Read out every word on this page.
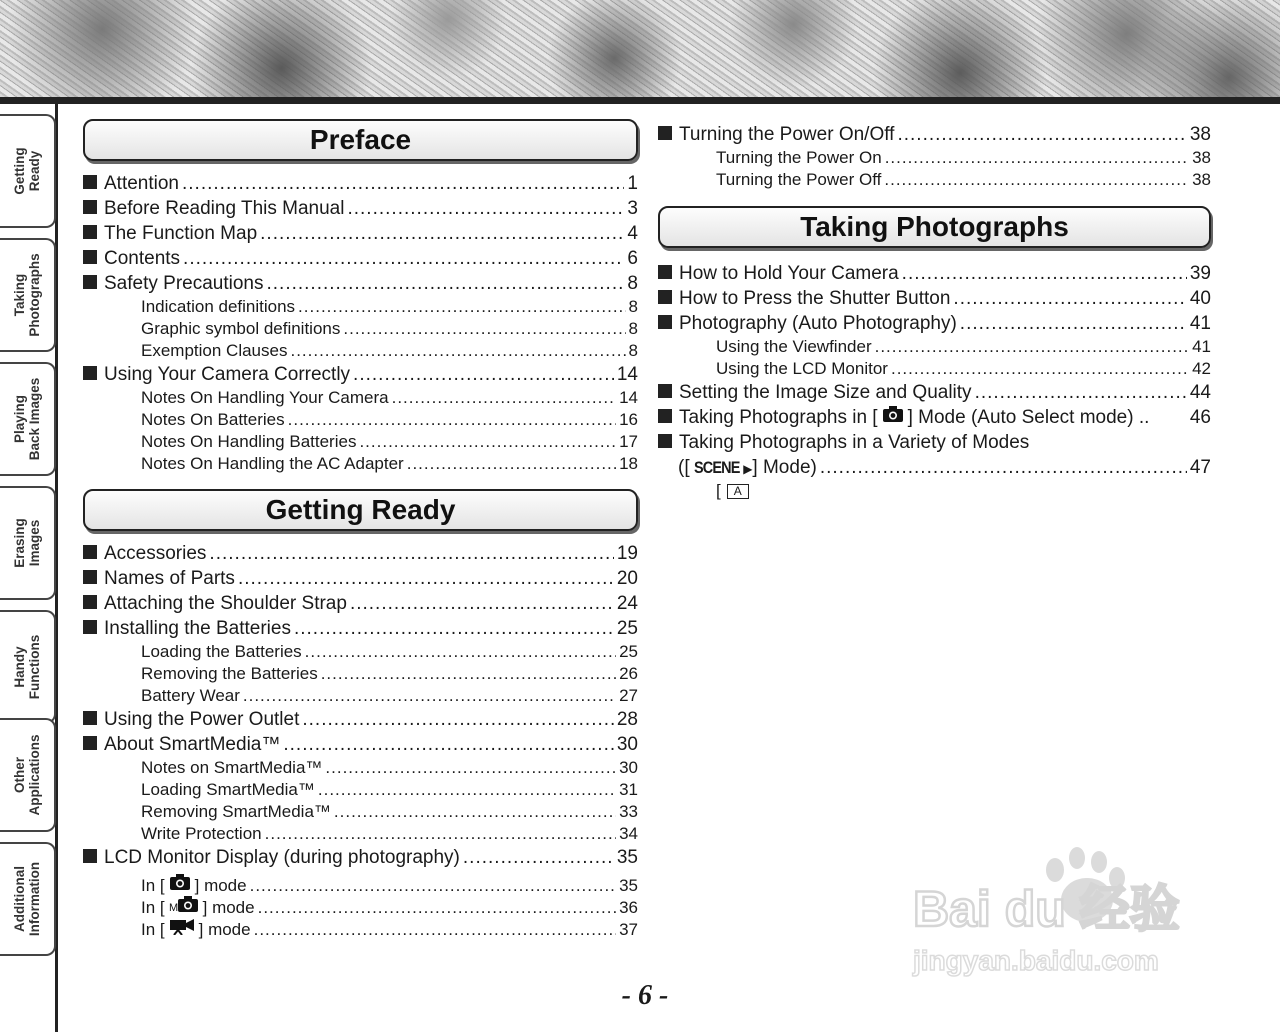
Getting
Ready
Taking
Photographs
Playing
Back Images
Erasing
Images
Handy
Functions
Other
Applications
Additional
Information
Preface
Attention .....	1
Before Reading This Manual .....	3
The Function Map .....	4
Contents .....	6
Safety Precautions .....	8
Indication definitions .....	8
Graphic symbol definitions .....	8
Exemption Clauses .....	8
Using Your Camera Correctly .....	14
Notes On Handling Your Camera .....	14
Notes On Batteries .....	16
Notes On Handling Batteries .....	17
Notes On Handling the AC Adapter .....	18
Getting Ready
Accessories .....	19
Names of Parts .....	20
Attaching the Shoulder Strap .....	24
Installing the Batteries .....	25
Loading the Batteries .....	25
Removing the Batteries .....	26
Battery Wear .....	27
Using the Power Outlet .....	28
About SmartMedia™ .....	30
Notes on SmartMedia™ .....	30
Loading SmartMedia™ .....	31
Removing SmartMedia™ .....	33
Write Protection .....	34
LCD Monitor Display (during photography) .....	35
In [ ] mode .....	35
In [ M ] mode .....	36
In [ ] mode .....	37
Turning the Power On/Off .....	38
Turning the Power On .....	38
Turning the Power Off .....	38
Taking Photographs
How to Hold Your Camera .....	39
How to Press the Shutter Button .....	40
Photography (Auto Photography) .....	41
Using the Viewfinder .....	41
Using the LCD Monitor .....	42
Setting the Image Size and Quality .....	44
Taking Photographs in [ ] Mode (Auto Select mode) .. 46
Taking Photographs in a Variety of Modes
([ SCENE ▶ ] Mode) .....	47
[	A
- 6 -
Bai du 经验
jingyan.baidu.com
